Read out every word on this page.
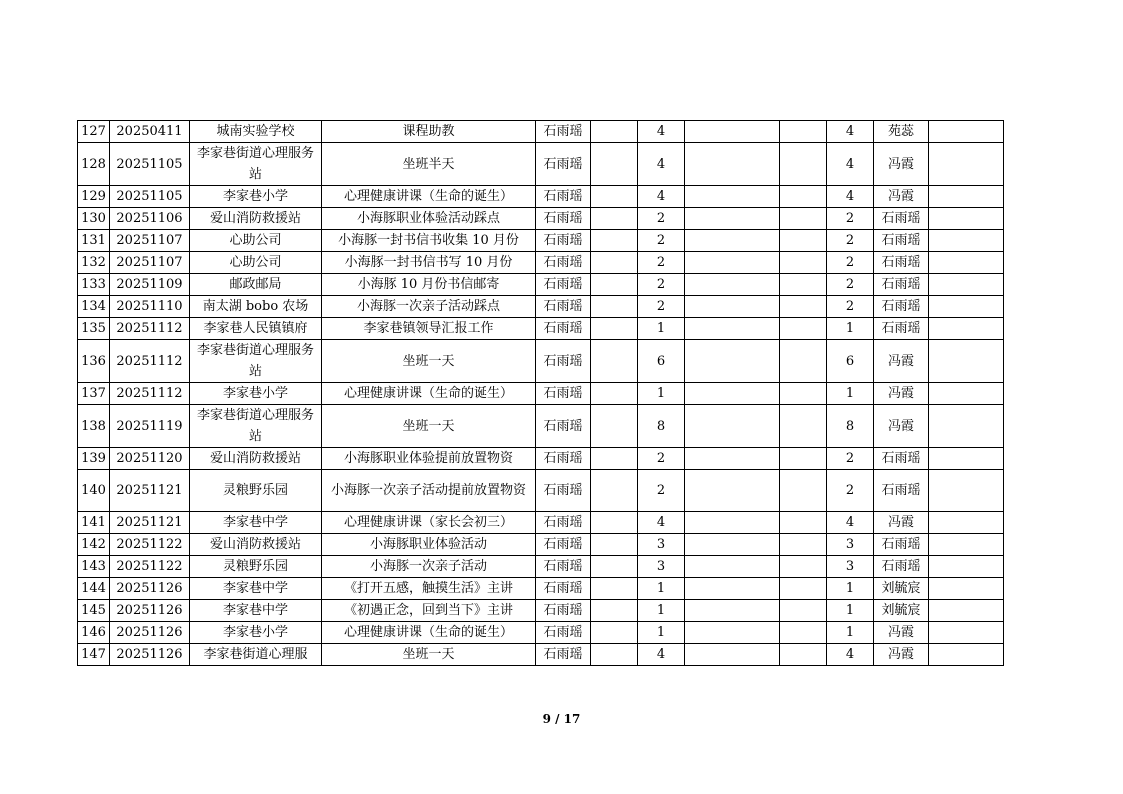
127	20250411	城南实验学校	课程助教	石雨瑶		4			4	苑蕊	
128	20251105	李家巷街道心理服务站	坐班半天	石雨瑶		4			4	冯霞	
129	20251105	李家巷小学	心理健康讲课（生命的诞生）	石雨瑶		4			4	冯霞	
130	20251106	爱山消防救援站	小海豚职业体验活动踩点	石雨瑶		2			2	石雨瑶	
131	20251107	心助公司	小海豚一封书信书收集 10 月份	石雨瑶		2			2	石雨瑶	
132	20251107	心助公司	小海豚一封书信书写 10 月份	石雨瑶		2			2	石雨瑶	
133	20251109	邮政邮局	小海豚 10 月份书信邮寄	石雨瑶		2			2	石雨瑶	
134	20251110	南太湖 bobo 农场	小海豚一次亲子活动踩点	石雨瑶		2			2	石雨瑶	
135	20251112	李家巷人民镇镇府	李家巷镇领导汇报工作	石雨瑶		1			1	石雨瑶	
136	20251112	李家巷街道心理服务站	坐班一天	石雨瑶		6			6	冯霞	
137	20251112	李家巷小学	心理健康讲课（生命的诞生）	石雨瑶		1			1	冯霞	
138	20251119	李家巷街道心理服务站	坐班一天	石雨瑶		8			8	冯霞	
139	20251120	爱山消防救援站	小海豚职业体验提前放置物资	石雨瑶		2			2	石雨瑶	
140	20251121	灵粮野乐园	小海豚一次亲子活动提前放置物资	石雨瑶		2			2	石雨瑶	
141	20251121	李家巷中学	心理健康讲课（家长会初三）	石雨瑶		4			4	冯霞	
142	20251122	爱山消防救援站	小海豚职业体验活动	石雨瑶		3			3	石雨瑶	
143	20251122	灵粮野乐园	小海豚一次亲子活动	石雨瑶		3			3	石雨瑶	
144	20251126	李家巷中学	《打开五感，触摸生活》主讲	石雨瑶		1			1	刘毓宸	
145	20251126	李家巷中学	《初遇正念，回到当下》主讲	石雨瑶		1			1	刘毓宸	
146	20251126	李家巷小学	心理健康讲课（生命的诞生）	石雨瑶		1			1	冯霞	
147	20251126	李家巷街道心理服	坐班一天	石雨瑶		4			4	冯霞	
9 / 17
